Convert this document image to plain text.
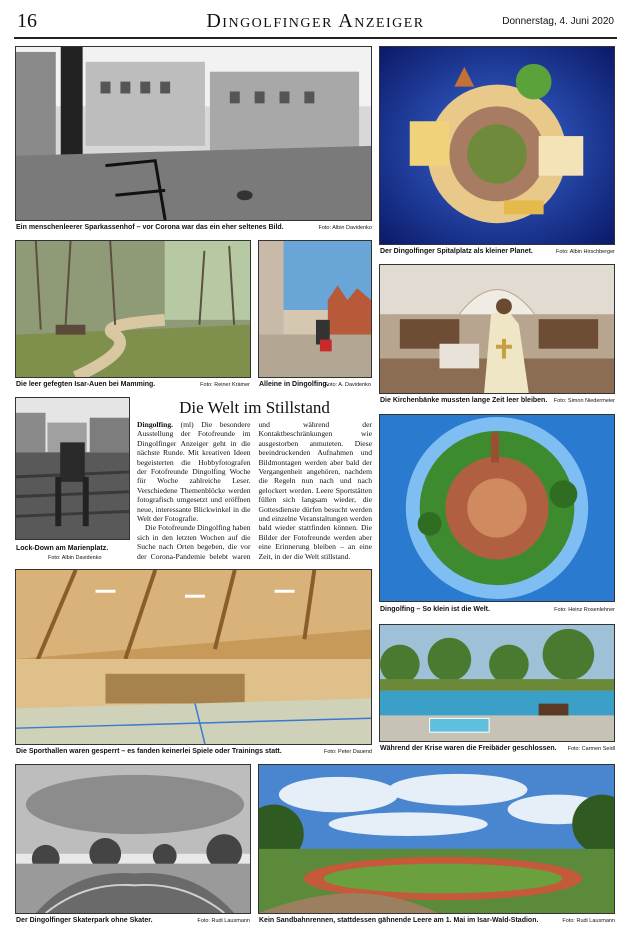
16	Dingolfinger Anzeiger	Donnerstag, 4. Juni 2020
Ein menschenleerer Sparkassenhof – vor Corona war das ein eher seltenes Bild.	Foto: Albin Davidenko
Der Dingolfinger Spitalplatz als kleiner Planet.	Foto: Albin Hirschberger
Die leer gefegten Isar-Auen bei Mamming.	Foto: Reiner Krämer Alleine in Dingolfing.
Foto: A. Davidenko
Die Kirchenbänke mussten lange Zeit leer bleiben. Foto: Simon Niedermeier
Lock-Down am Marienplatz.
Foto: Albin Davidenko
Die Welt im Stillstand

Dingolfing. (ml) Die besondere Ausstellung der Fotofreunde im Dingolfinger Anzeiger geht in die nächste Runde. Mit kreativen Ideen begeisterten die Hobbyfotografen der Fotofreunde Dingolfing Woche für Woche zahlreiche Leser. Verschiedene Themenblöcke werden fotografisch umgesetzt und eröffnen neue, interessante Blickwinkel in die Welt der Fotografie.

Die Fotofreunde Dingolfing haben sich in den letzten Wochen auf die Suche nach Orten begeben, die vor der Corona-Pandemie belebt waren und während der Kontaktbeschränkungen wie ausgestorben anmuteten. Diese beeindruckenden Aufnahmen und Bildmontagen werden aber bald der Vergangenheit angehören, nachdem die Regeln nun nach und nach gelockert werden. Leere Sportstätten füllen sich langsam wieder, die Gottesdienste dürfen besucht werden und einzelne Veranstaltungen werden bald wieder stattfinden können. Die Bilder der Fotofreunde werden aber eine Erinnerung bleiben – an eine Zeit, in der die Welt stillstand.

Dingolfing – So klein ist die Welt.	Foto: Heinz Rosenlehner
Die Sporthallen waren gesperrt – es fanden keinerlei Spiele oder Trainings statt.	Foto: Peter Dauend Während der Krise waren die Freibäder geschlossen. Foto: Carmen Seidl
Der Dingolfinger Skaterpark ohne Skater.	Foto: Rudi Lausmann Kein Sandbahnrennen, stattdessen gähnende Leere am 1. Mai im Isar-Wald-Stadion.	Foto: Rudi Lausmann
